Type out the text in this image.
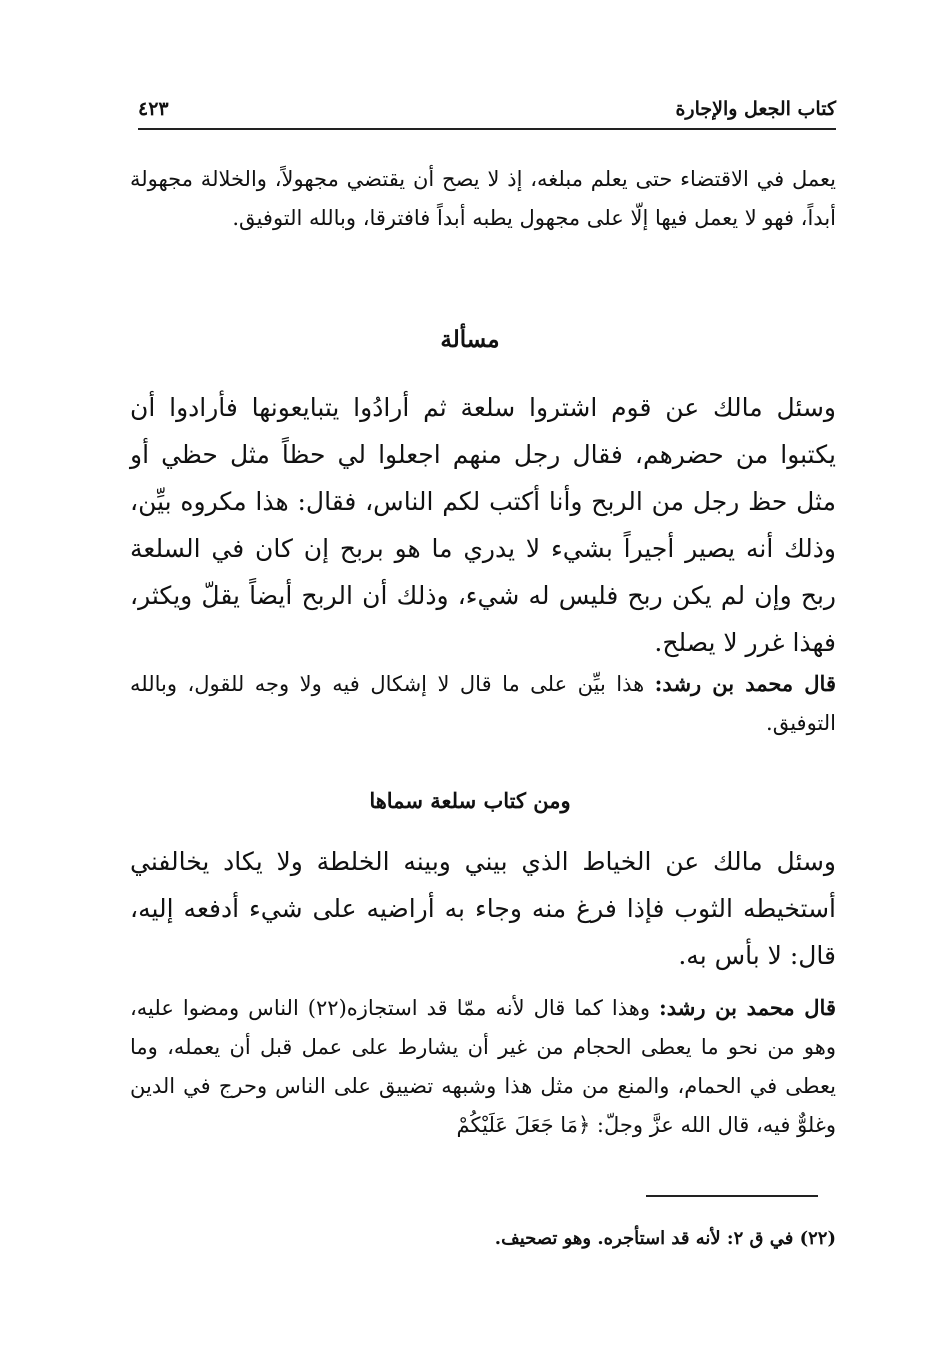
كتاب الجعل والإجارة
٤٢٣

يعمل في الاقتضاء حتى يعلم مبلغه، إذ لا يصح أن يقتضي مجهولاً، والخلالة مجهولة أبداً، فهو لا يعمل فيها إلّا على مجهول يطبه أبداً فافترقا، وبالله التوفيق.

مسألة

وسئل مالك عن قوم اشتروا سلعة ثم أرادُوا يتبايعونها فأرادوا أن يكتبوا من حضرهم، فقال رجل منهم اجعلوا لي حظاً مثل حظي أو مثل حظ رجل من الربح وأنا أكتب لكم الناس، فقال: هذا مكروه بيِّن، وذلك أنه يصير أجيراً بشيء لا يدري ما هو بربح إن كان في السلعة ربح وإن لم يكن ربح فليس له شيء، وذلك أن الربح أيضاً يقلّ ويكثر، فهذا غرر لا يصلح.

قال محمد بن رشد: هذا بيِّن على ما قال لا إشكال فيه ولا وجه للقول، وبالله التوفيق.

ومن كتاب سلعة سماها

وسئل مالك عن الخياط الذي بيني وبينه الخلطة ولا يكاد يخالفني أستخيطه الثوب فإذا فرغ منه وجاء به أراضيه على شيء أدفعه إليه، قال: لا بأس به.

قال محمد بن رشد: وهذا كما قال لأنه ممّا قد استجازه(٢٢) الناس ومضوا عليه، وهو من نحو ما يعطى الحجام من غير أن يشارط على عمل قبل أن يعمله، وما يعطى في الحمام، والمنع من مثل هذا وشبهه تضييق على الناس وحرج في الدين وغلوٌّ فيه، قال الله عزَّ وجلّ: ﴿مَا جَعَلَ عَلَيْكُمْ

(٢٢) في ق ٢: لأنه قد استأجره. وهو تصحيف.
